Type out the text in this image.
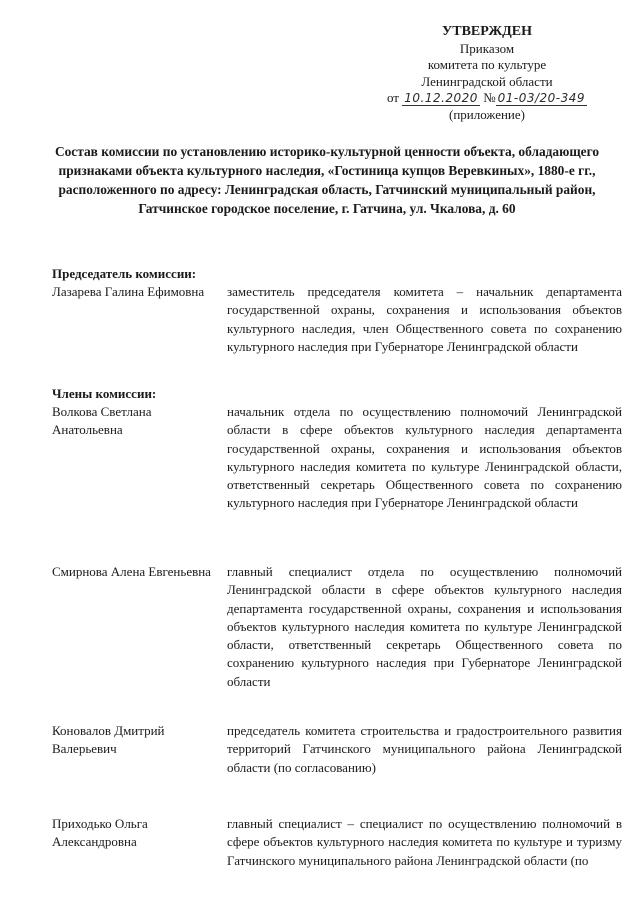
УТВЕРЖДЕН
Приказом
комитета по культуре
Ленинградской области
от 10.12.2020 № 01-03/20-349
(приложение)
Состав комиссии по установлению историко-культурной ценности объекта, обладающего признаками объекта культурного наследия, «Гостиница купцов Веревкиных», 1880-е гг., расположенного по адресу: Ленинградская область, Гатчинский муниципальный район, Гатчинское городское поселение, г. Гатчина, ул. Чкалова, д. 60
Председатель комиссии:
Лазарева Галина Ефимовна	заместитель председателя комитета – начальник департамента государственной охраны, сохранения и использования объектов культурного наследия, член Общественного совета по сохранению культурного наследия при Губернаторе Ленинградской области
Члены комиссии:
Волкова Светлана Анатольевна
начальник отдела по осуществлению полномочий Ленинградской области в сфере объектов культурного наследия департамента государственной охраны, сохранения и использования объектов культурного наследия комитета по культуре Ленинградской области, ответственный секретарь Общественного совета по сохранению культурного наследия при Губернаторе Ленинградской области
Смирнова Алена Евгеньевна	главный специалист отдела по осуществлению полномочий Ленинградской области в сфере объектов культурного наследия департамента государственной охраны, сохранения и использования объектов культурного наследия комитета по культуре Ленинградской области, ответственный секретарь Общественного совета по сохранению культурного наследия при Губернаторе Ленинградской области
Коновалов Дмитрий Валерьевич
председатель комитета строительства и градостроительного развития территорий Гатчинского муниципального района Ленинградской области (по согласованию)
Приходько Ольга Александровна
главный специалист – специалист по осуществлению полномочий в сфере объектов культурного наследия комитета по культуре и туризму Гатчинского муниципального района Ленинградской области (по
